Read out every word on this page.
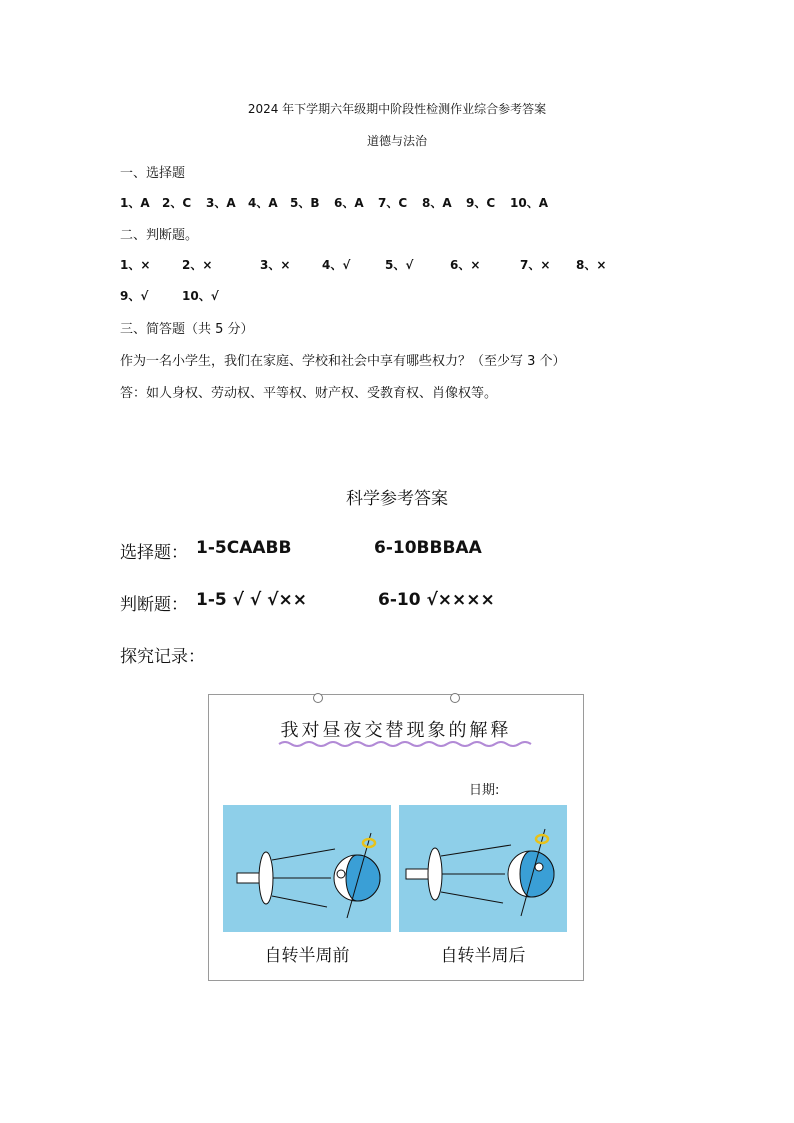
2024 年下学期六年级期中阶段性检测作业综合参考答案
道德与法治
一、选择题
1、A 2、C 3、A 4、A 5、B 6、A 7、C 8、A 9、C 10、A
二、判断题。
1、×	2、×	3、×	4、√	5、√	6、×	7、× 8、×
9、√	10、√
三、简答题（共 5 分）
作为一名小学生，我们在家庭、学校和社会中享有哪些权力？（至少写 3 个）
答：如人身权、劳动权、平等权、财产权、受教育权、肖像权等。
科学参考答案
选择题： 1-5CAABB	6-10BBBAA
判断题： 1-5 √ √ √××	6-10 √××××
探究记录：
我对昼夜交替现象的解释
日期:
自转半周前	自转半周后
